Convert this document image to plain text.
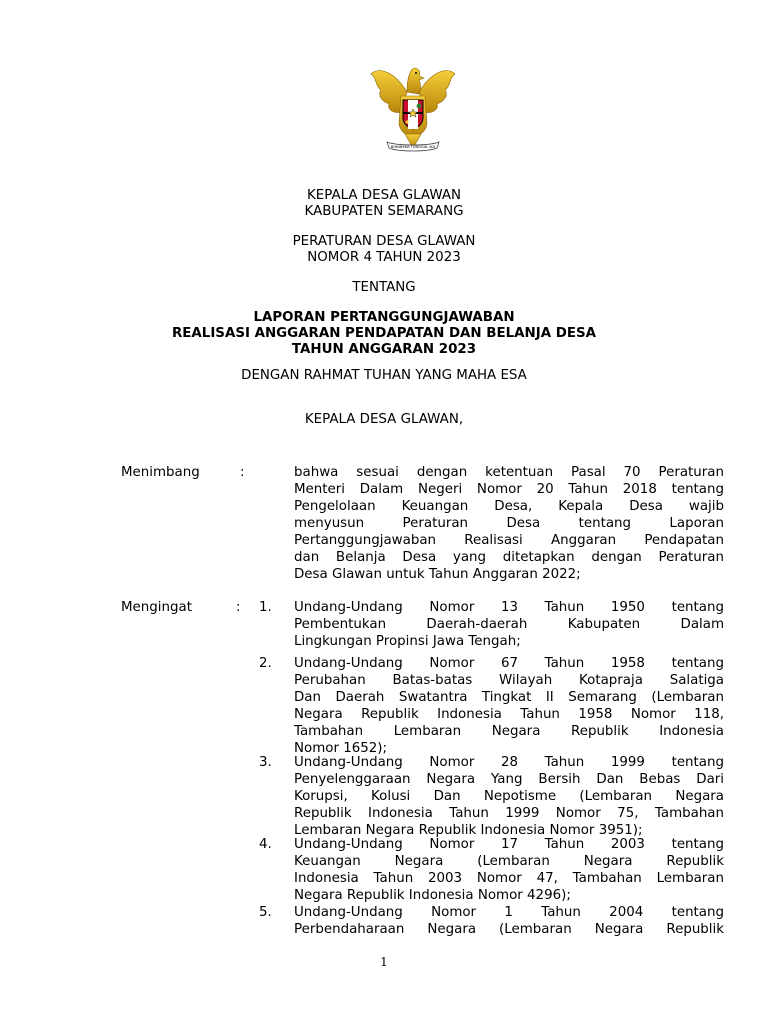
BHINNEKA TUNGGAL IKA
KEPALA DESA GLAWAN
KABUPATEN SEMARANG
PERATURAN DESA GLAWAN
NOMOR 4 TAHUN 2023
TENTANG
LAPORAN PERTANGGUNGJAWABAN
REALISASI ANGGARAN PENDAPATAN DAN BELANJA DESA
TAHUN ANGGARAN 2023
DENGAN RAHMAT TUHAN YANG MAHA ESA
KEPALA DESA GLAWAN,
Menimbang	:	bahwa sesuai dengan ketentuan Pasal 70 Peraturan
Menteri Dalam Negeri Nomor 20 Tahun 2018 tentang
Pengelolaan Keuangan Desa, Kepala Desa wajib
menyusun Peraturan Desa tentang Laporan
Pertanggungjawaban Realisasi Anggaran Pendapatan
dan Belanja Desa yang ditetapkan dengan Peraturan
Desa Glawan untuk Tahun Anggaran 2022;
Mengingat	: 1. Undang-Undang Nomor 13 Tahun 1950 tentang
Pembentukan Daerah-daerah Kabupaten Dalam
Lingkungan Propinsi Jawa Tengah;
2. Undang-Undang Nomor 67 Tahun 1958 tentang
Perubahan Batas-batas Wilayah Kotapraja Salatiga
Dan Daerah Swatantra Tingkat II Semarang (Lembaran
Negara Republik Indonesia Tahun 1958 Nomor 118,
Tambahan Lembaran Negara Republik Indonesia
Nomor 1652);
3. Undang-Undang Nomor 28 Tahun 1999 tentang
Penyelenggaraan Negara Yang Bersih Dan Bebas Dari
Korupsi, Kolusi Dan Nepotisme (Lembaran Negara
Republik Indonesia Tahun 1999 Nomor 75, Tambahan
Lembaran Negara Republik Indonesia Nomor 3951);
4. Undang-Undang Nomor 17 Tahun 2003 tentang
Keuangan Negara (Lembaran Negara Republik
Indonesia Tahun 2003 Nomor 47, Tambahan Lembaran
Negara Republik Indonesia Nomor 4296);
5. Undang-Undang Nomor 1 Tahun 2004 tentang
Perbendaharaan Negara (Lembaran Negara Republik
1
